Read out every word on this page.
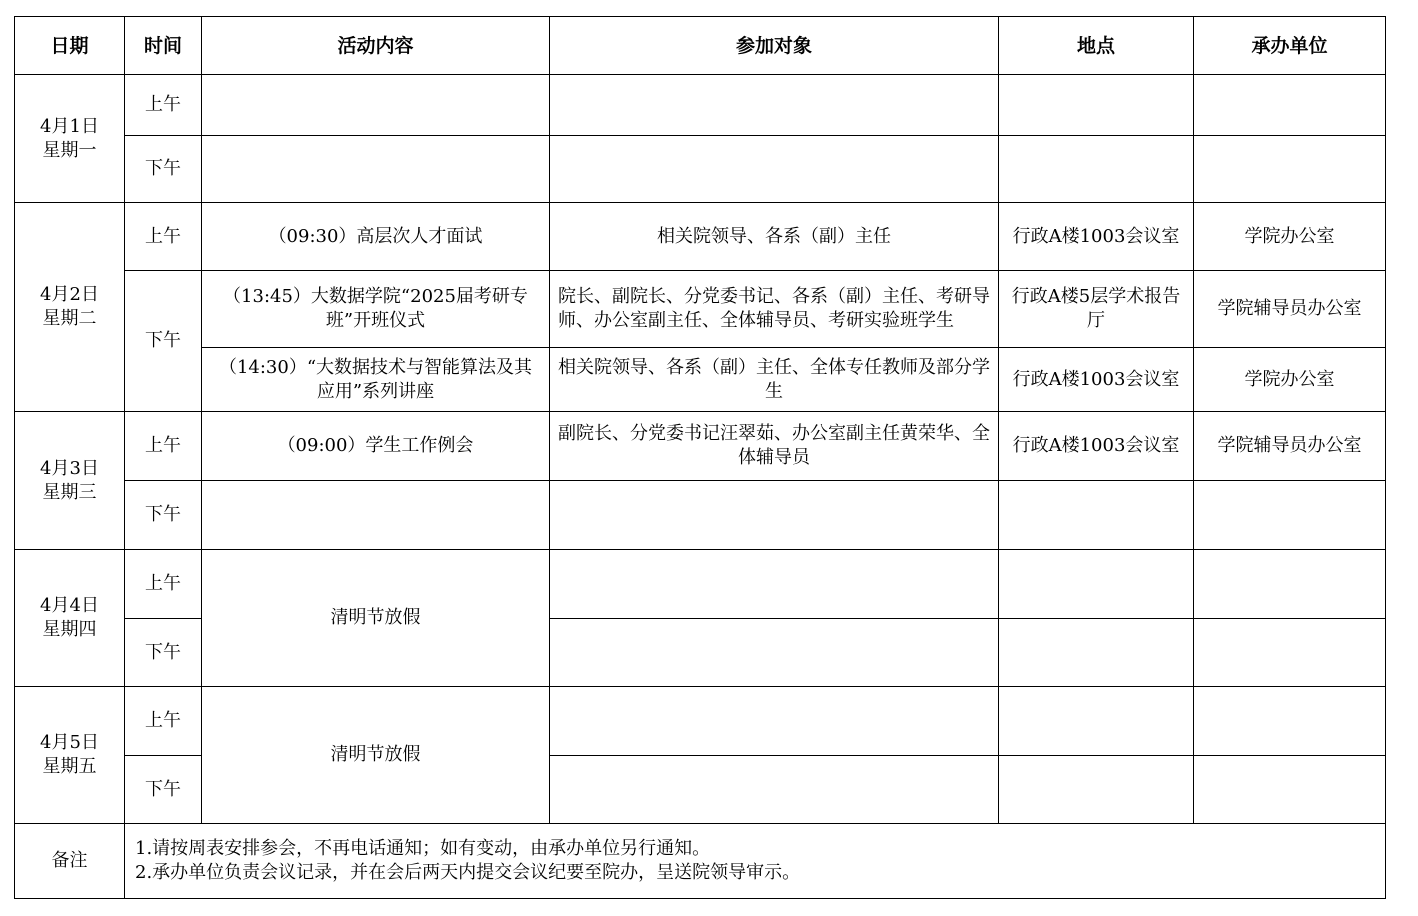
日期	时间	活动内容	参加对象	地点	承办单位

4月1日
星期一	上午				
	下午				

4月2日
星期二	上午	（09:30）高层次人才面试	相关院领导、各系（副）主任	行政A楼1003会议室	学院办公室
	下午	（13:45）大数据学院“2025届考研专班”开班仪式	院长、副院长、分党委书记、各系（副）主任、考研导师、办公室副主任、全体辅导员、考研实验班学生	行政A楼5层学术报告厅	学院辅导员办公室
		（14:30）“大数据技术与智能算法及其应用”系列讲座	相关院领导、各系（副）主任、全体专任教师及部分学生	行政A楼1003会议室	学院办公室

4月3日
星期三	上午	（09:00）学生工作例会	副院长、分党委书记汪翠茹、办公室副主任黄荣华、全体辅导员	行政A楼1003会议室	学院辅导员办公室
	下午				

4月4日
星期四	上午	清明节放假			
	下午				

4月5日
星期五	上午	清明节放假			
	下午				
备注	1.请按周表安排参会，不再电话通知；如有变动，由承办单位另行通知。
2.承办单位负责会议记录，并在会后两天内提交会议纪要至院办，呈送院领导审示。				
